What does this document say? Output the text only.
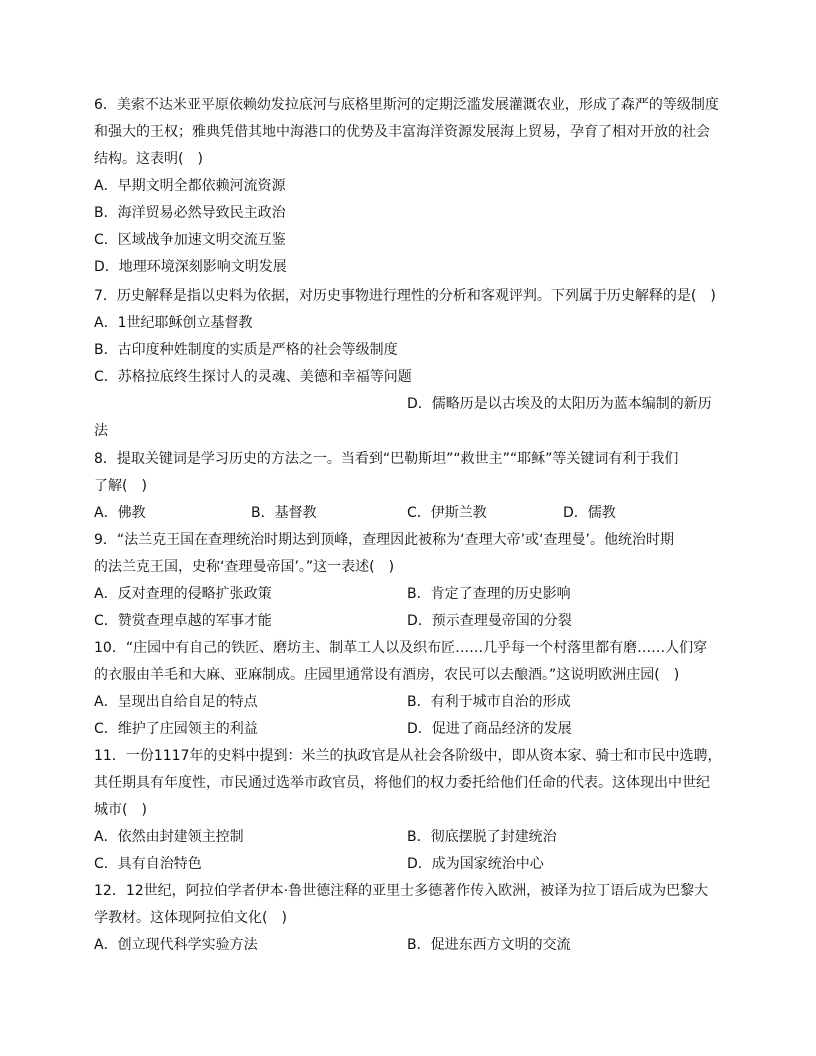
6．美索不达米亚平原依赖幼发拉底河与底格里斯河的定期泛滥发展灌溉农业，形成了森严的等级制度
和强大的王权；雅典凭借其地中海港口的优势及丰富海洋资源发展海上贸易，孕育了相对开放的社会
结构。这表明(　)
A．早期文明全都依赖河流资源
B．海洋贸易必然导致民主政治
C．区域战争加速文明交流互鉴
D．地理环境深刻影响文明发展
7．历史解释是指以史料为依据，对历史事物进行理性的分析和客观评判。下列属于历史解释的是(　)
A．1世纪耶稣创立基督教
B．古印度种姓制度的实质是严格的社会等级制度
C．苏格拉底终生探讨人的灵魂、美德和幸福等问题
D．儒略历是以古埃及的太阳历为蓝本编制的新历
法
8．提取关键词是学习历史的方法之一。当看到“巴勒斯坦”“救世主”“耶稣”等关键词有利于我们
了解(　)
A．佛教	B．基督教	C．伊斯兰教	D．儒教
9．“法兰克王国在查理统治时期达到顶峰，查理因此被称为‘查理大帝’或‘查理曼’。他统治时期
的法兰克王国，史称‘查理曼帝国’。”这一表述(　)
A．反对查理的侵略扩张政策	B．肯定了查理的历史影响
C．赞赏查理卓越的军事才能	D．预示查理曼帝国的分裂
10．“庄园中有自己的铁匠、磨坊主、制革工人以及织布匠……几乎每一个村落里都有磨……人们穿
的衣服由羊毛和大麻、亚麻制成。庄园里通常设有酒房，农民可以去酿酒。”这说明欧洲庄园(　)
A．呈现出自给自足的特点	B．有利于城市自治的形成
C．维护了庄园领主的利益	D．促进了商品经济的发展
11．一份1117年的史料中提到：米兰的执政官是从社会各阶级中，即从资本家、骑士和市民中选聘，
其任期具有年度性，市民通过选举市政官员，将他们的权力委托给他们任命的代表。这体现出中世纪
城市(　)
A．依然由封建领主控制	B．彻底摆脱了封建统治
C．具有自治特色	D．成为国家统治中心
12．12世纪，阿拉伯学者伊本·鲁世德注释的亚里士多德著作传入欧洲，被译为拉丁语后成为巴黎大
学教材。这体现阿拉伯文化(　)
A．创立现代科学实验方法	B．促进东西方文明的交流
